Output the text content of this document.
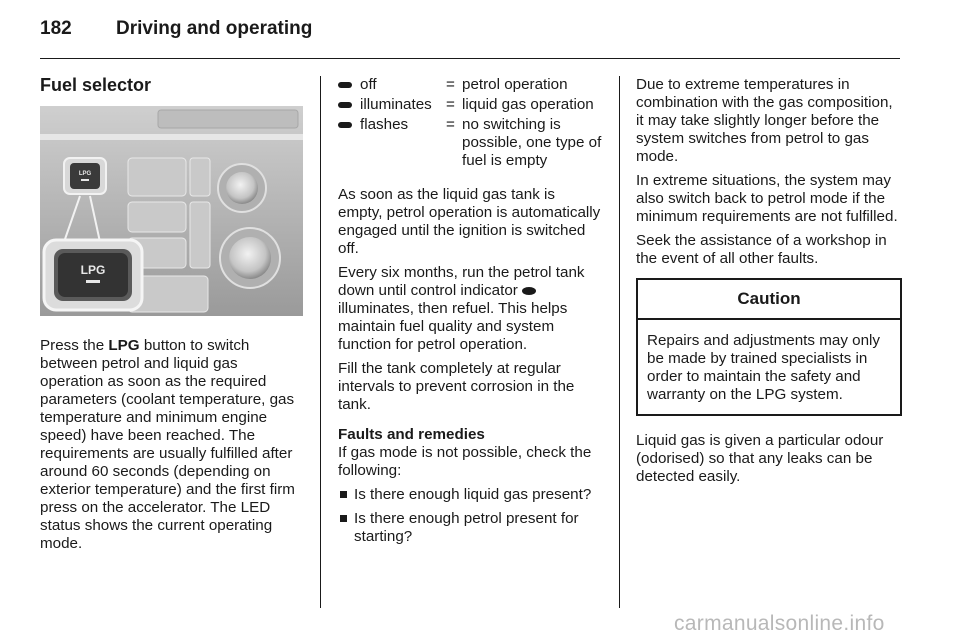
182 Driving and operating
Fuel selector
LPG
LPG

Press the LPG button to switch between petrol and liquid gas operation as soon as the required parameters (coolant temperature, gas temperature and minimum engine speed) have been reached. The requirements are usually fulfilled after around 60 seconds (depending on exterior temperature) and the first firm press on the accelerator. The LED status shows the current operating mode.

off	= petrol operation
illuminates = liquid gas operation
flashes	= no switching is possible, one type of fuel is empty

As soon as the liquid gas tank is empty, petrol operation is automatically engaged until the ignition is switched off.

Every six months, run the petrol tank down until control indicator  illuminates, then refuel. This helps maintain fuel quality and system function for petrol operation.

Fill the tank completely at regular intervals to prevent corrosion in the tank.

Faults and remedies

If gas mode is not possible, check the following:

Is there enough liquid gas present?
Is there enough petrol present for starting?

Due to extreme temperatures in combination with the gas composition, it may take slightly longer before the system switches from petrol to gas mode.

In extreme situations, the system may also switch back to petrol mode if the minimum requirements are not fulfilled.

Seek the assistance of a workshop in the event of all other faults.

Caution
Repairs and adjustments may only be made by trained specialists in order to maintain the safety and warranty on the LPG system.

Liquid gas is given a particular odour (odorised) so that any leaks can be detected easily.

carmanualsonline.info
